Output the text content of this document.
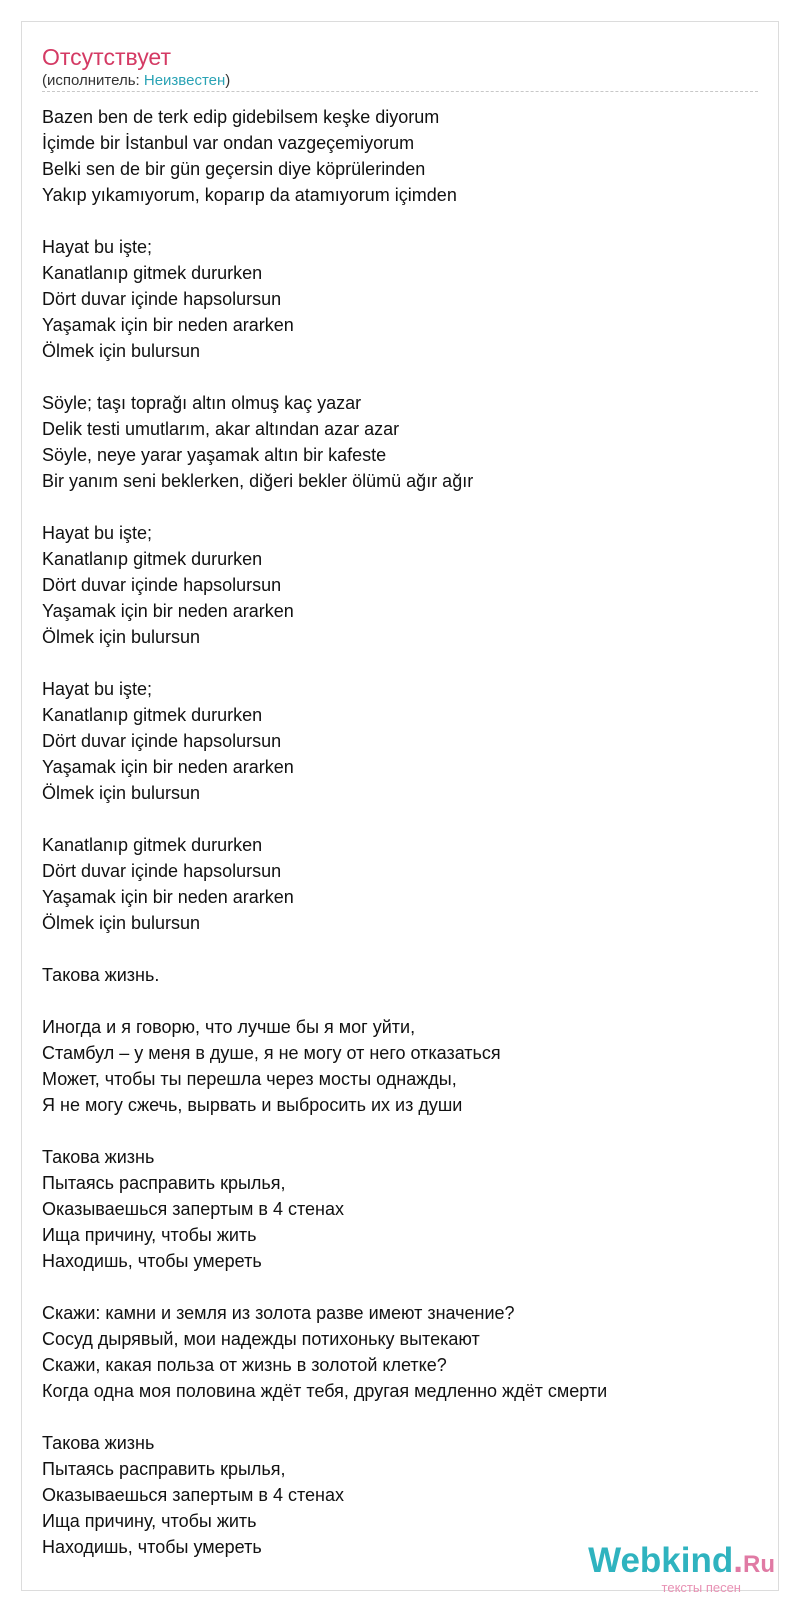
Отсутствует
(исполнитель: Неизвестен)
Bazen ben de terk edip gidebilsem keşke diyorum
İçimde bir İstanbul var ondan vazgeçemiyorum
Belki sen de bir gün geçersin diye köprülerinden
Yakıp yıkamıyorum, koparıp da atamıyorum içimden
Hayat bu işte;
Kanatlanıp gitmek dururken
Dört duvar içinde hapsolursun
Yaşamak için bir neden ararken
Ölmek için bulursun
Söyle; taşı toprağı altın olmuş kaç yazar
Delik testi umutlarım, akar altından azar azar
Söyle, neye yarar yaşamak altın bir kafeste
Bir yanım seni beklerken, diğeri bekler ölümü ağır ağır
Hayat bu işte;
Kanatlanıp gitmek dururken
Dört duvar içinde hapsolursun
Yaşamak için bir neden ararken
Ölmek için bulursun
Hayat bu işte;
Kanatlanıp gitmek dururken
Dört duvar içinde hapsolursun
Yaşamak için bir neden ararken
Ölmek için bulursun
Kanatlanıp gitmek dururken
Dört duvar içinde hapsolursun
Yaşamak için bir neden ararken
Ölmek için bulursun
Такова жизнь.
Иногда и я говорю, что лучше бы я мог уйти,
Стамбул – у меня в душе, я не могу от него отказаться
Может, чтобы ты перешла через мосты однажды,
Я не могу сжечь, вырвать и выбросить их из души
Такова жизнь
Пытаясь расправить крылья,
Оказываешься запертым в 4 стенах
Ища причину, чтобы жить
Находишь, чтобы умереть
Скажи: камни и земля из золота разве имеют значение?
Сосуд дырявый, мои надежды потихоньку вытекают
Скажи, какая польза от жизнь в золотой клетке?
Когда одна моя половина ждёт тебя, другая медленно ждёт смерти
Такова жизнь
Пытаясь расправить крылья,
Оказываешься запертым в 4 стенах
Ища причину, чтобы жить
Находишь, чтобы умереть	Webkind.Ru
тексты песен
